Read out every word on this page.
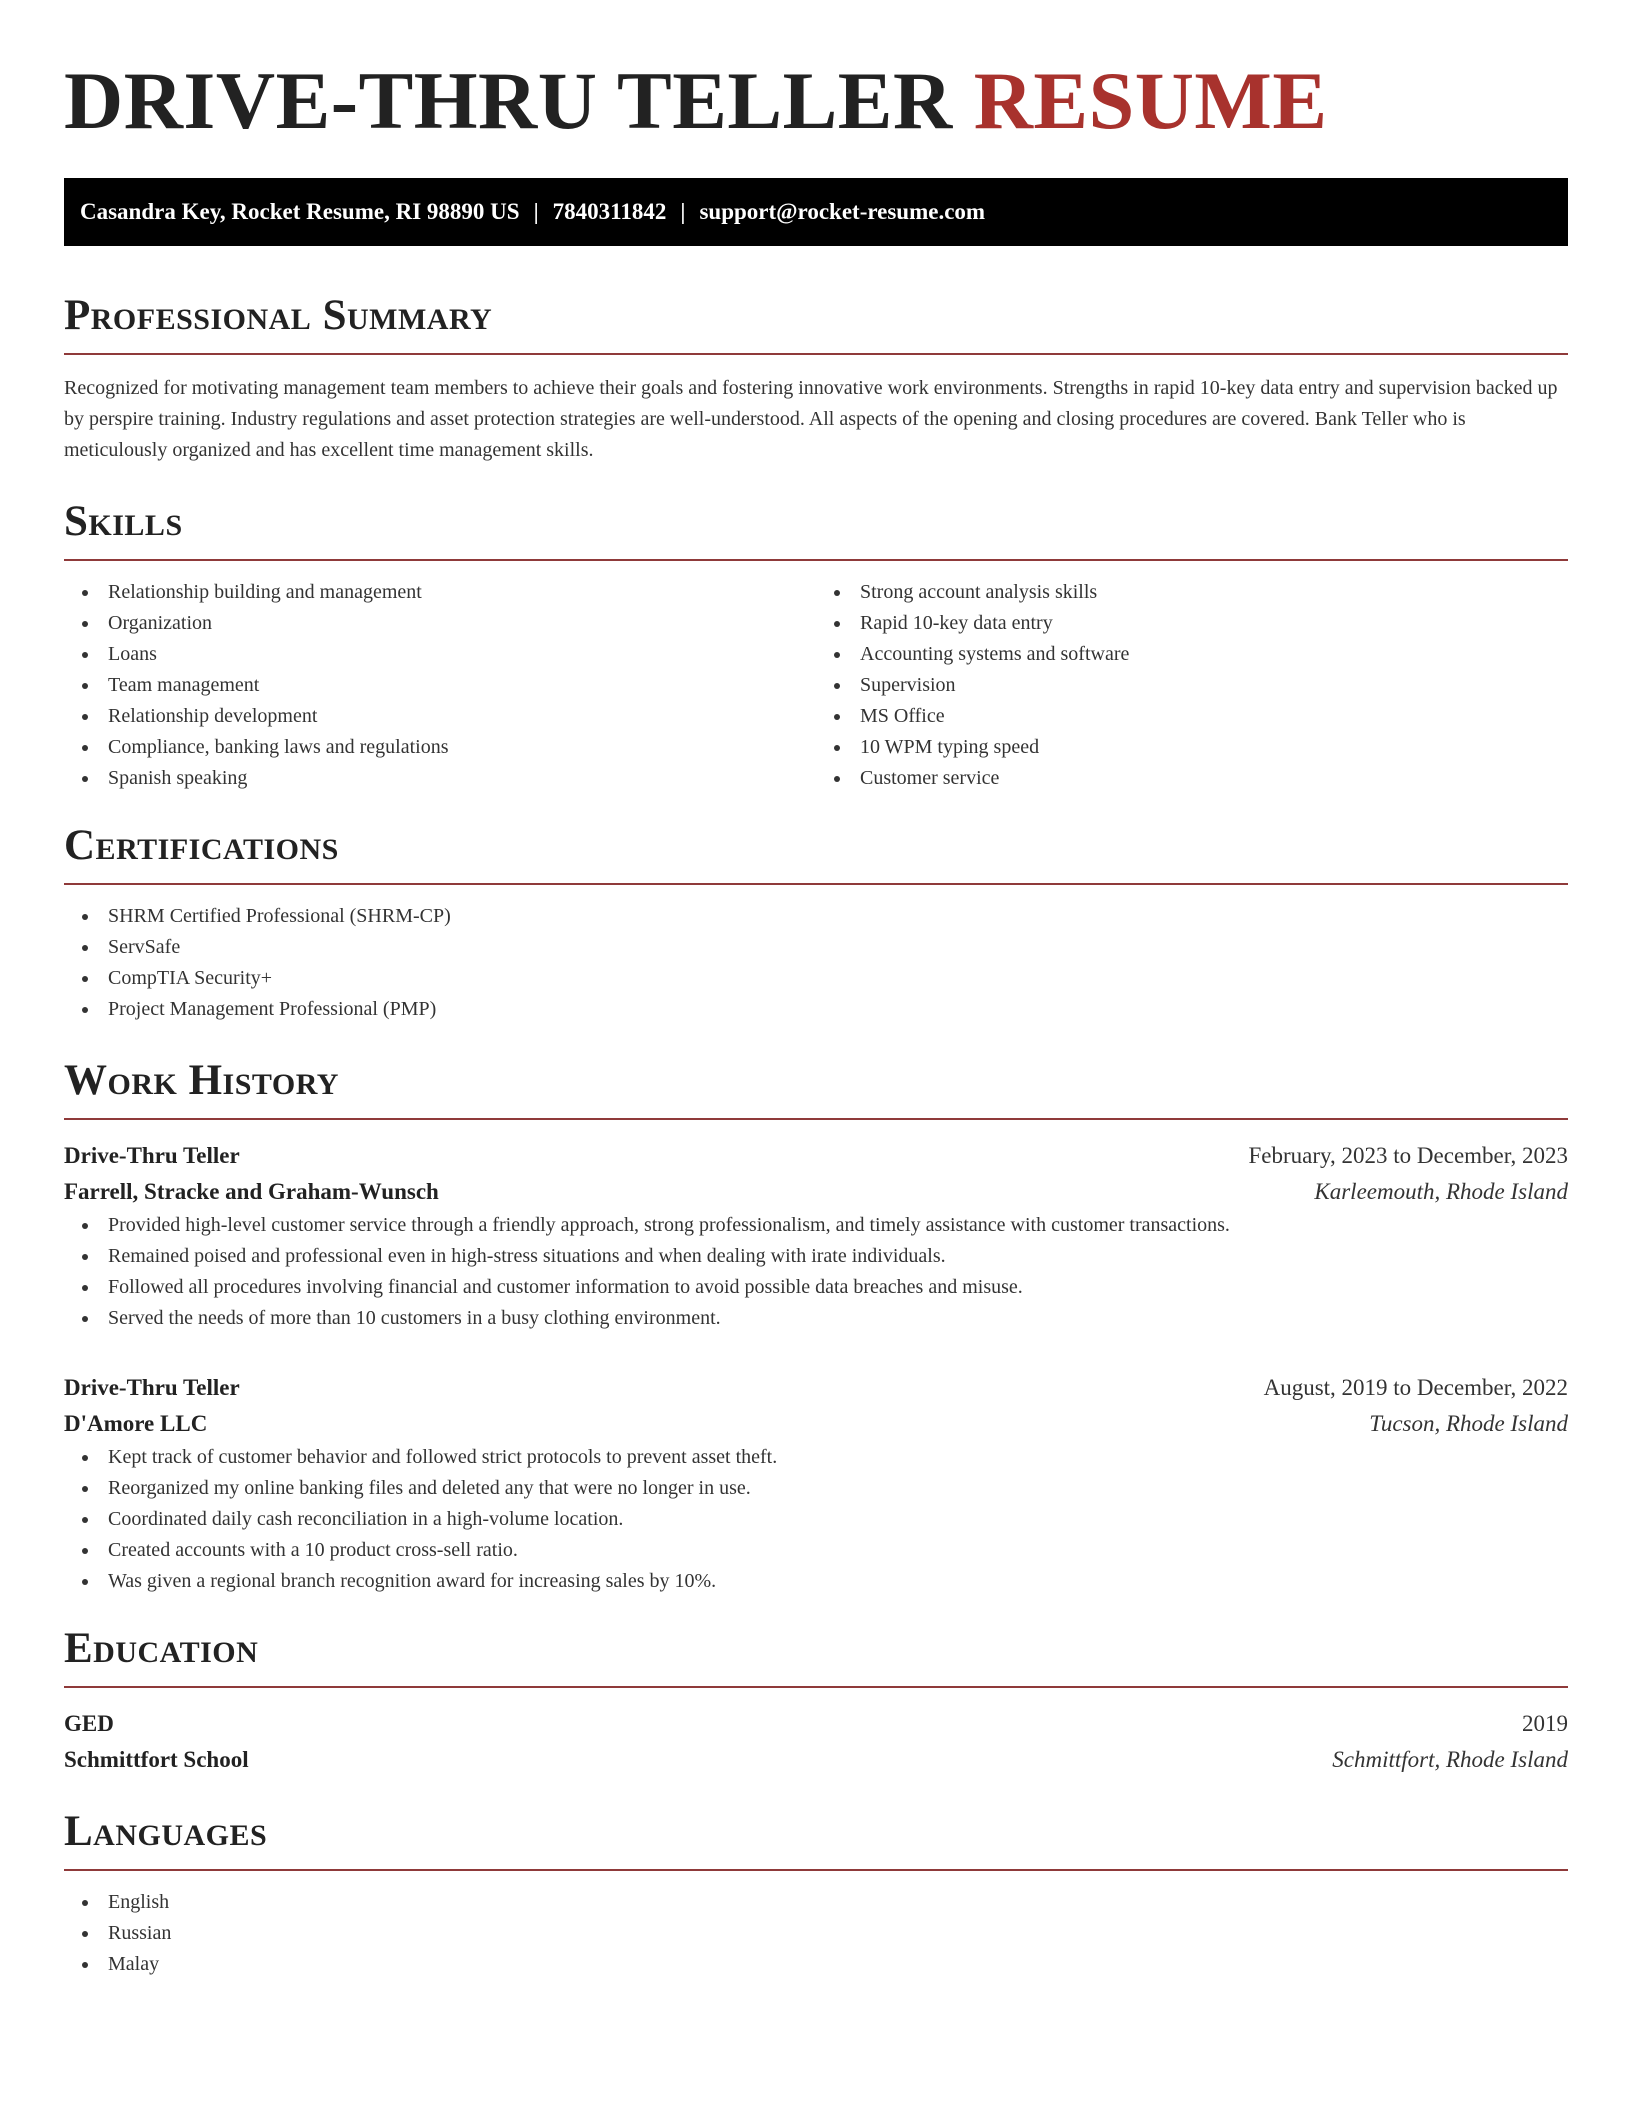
DRIVE-THRU TELLER RESUME
Casandra Key, Rocket Resume, RI 98890 US | 7840311842 | support@rocket-resume.com
Professional Summary

Recognized for motivating management team members to achieve their goals and fostering innovative work environments. Strengths in rapid 10-key data entry and supervision backed up by perspire training. Industry regulations and asset protection strategies are well-understood. All aspects of the opening and closing procedures are covered. Bank Teller who is meticulously organized and has excellent time management skills.

Skills
Relationship building and management
Organization
Loans
Team management
Relationship development
Compliance, banking laws and regulations
Spanish speaking
Strong account analysis skills
Rapid 10-key data entry
Accounting systems and software
Supervision
MS Office
10 WPM typing speed
Customer service
Certifications
SHRM Certified Professional (SHRM-CP)
ServSafe
CompTIA Security+
Project Management Professional (PMP)
Work History
Drive-Thru Teller	February, 2023 to December, 2023
Farrell, Stracke and Graham-Wunsch	Karleemouth, Rhode Island
Provided high-level customer service through a friendly approach, strong professionalism, and timely assistance with customer transactions.
Remained poised and professional even in high-stress situations and when dealing with irate individuals.
Followed all procedures involving financial and customer information to avoid possible data breaches and misuse.
Served the needs of more than 10 customers in a busy clothing environment.
Drive-Thru Teller	August, 2019 to December, 2022
D'Amore LLC	Tucson, Rhode Island
Kept track of customer behavior and followed strict protocols to prevent asset theft.
Reorganized my online banking files and deleted any that were no longer in use.
Coordinated daily cash reconciliation in a high-volume location.
Created accounts with a 10 product cross-sell ratio.
Was given a regional branch recognition award for increasing sales by 10%.
Education
GED	2019
Schmittfort School	Schmittfort, Rhode Island
Languages
English
Russian
Malay
